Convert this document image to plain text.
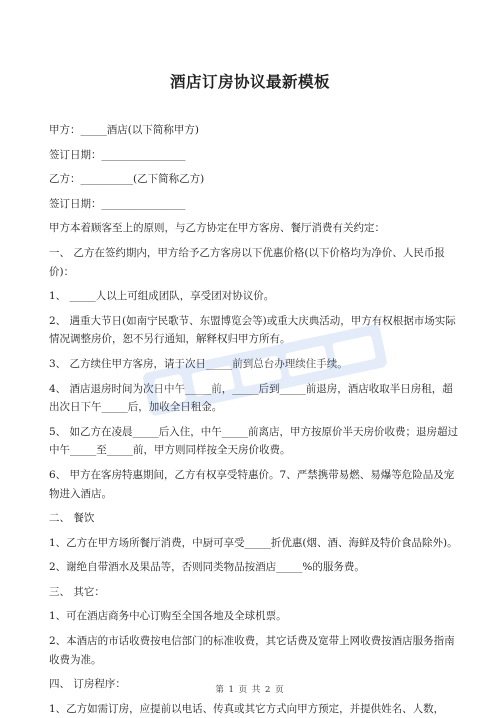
酒店订房协议最新模板

甲方：_____酒店(以下简称甲方)

签订日期：________________

乙方：__________(乙下简称乙方)

签订日期：________________

甲方本着顾客至上的原则，与乙方协定在甲方客房、餐厅消费有关约定：

一、 乙方在签约期内，甲方给予乙方客房以下优惠价格(以下价格均为净价、人民币报价)：

1、 _____人以上可组成团队，享受团对协议价。

2、 遇重大节日(如南宁民歌节、东盟博览会等)或重大庆典活动，甲方有权根据市场实际情况调整房价，恕不另行通知，解释权归甲方所有。

3、 乙方续住甲方客房，请于次日_____前到总台办理续住手续。

4、 酒店退房时间为次日中午_____前，_____后到_____前退房，酒店收取半日房租，超出次日下午_____后，加收全日租金。

5、 如乙方在凌晨_____后入住，中午_____前离店，甲方按原价半天房价收费；退房超过中午_____至_____前，甲方则同样按全天房价收费。

6、 甲方在客房特惠期间，乙方有权享受特惠价。7、严禁携带易燃、易爆等危险品及宠物进入酒店。

二、 餐饮

1、乙方在甲方场所餐厅消费，中厨可享受_____折优惠(烟、酒、海鲜及特价食品除外)。

2、谢绝自带酒水及果品等，否则同类物品按酒店_____%的服务费。

三、 其它：

1、可在酒店商务中心订购至全国各地及全球机票。

2、本酒店的市话收费按电信部门的标准收费，其它话费及宽带上网收费按酒店服务指南收费为准。

四、 订房程序：

1、乙方如需订房，应提前以电话、传真或其它方式向甲方预定，并提供姓名、人数，

第 1 页 共 2 页
